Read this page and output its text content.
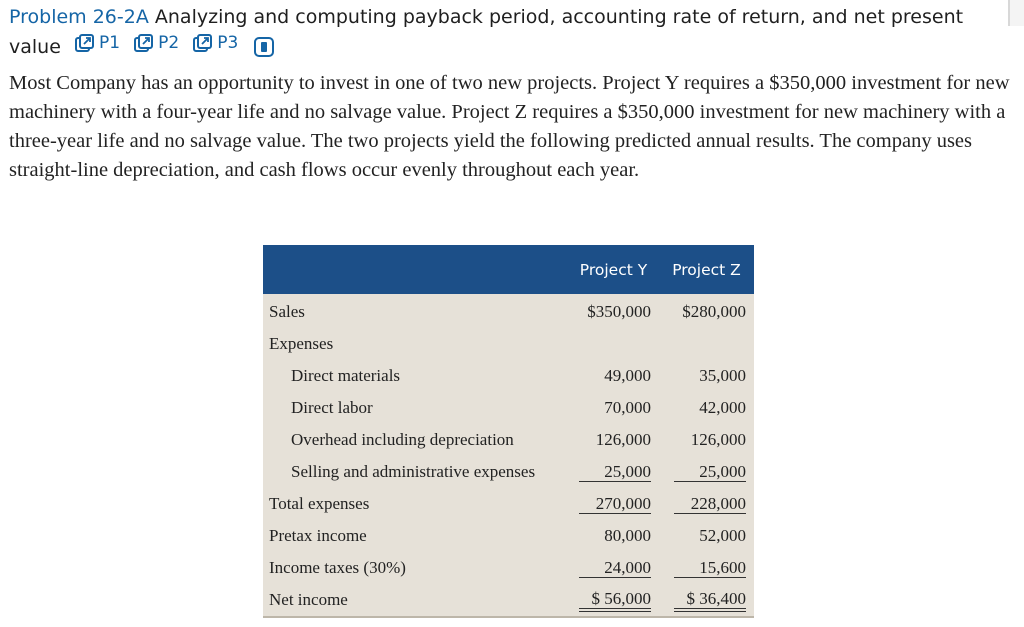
Problem 26-2A Analyzing and computing payback period, accounting rate of return, and net present value P1
P2
P3

Most Company has an opportunity to invest in one of two new projects. Project Y requires a $350,000 investment for new machinery with a four-year life and no salvage value. Project Z requires a $350,000 investment for new machinery with a three-year life and no salvage value. The two projects yield the following predicted annual results. The company uses straight-line depreciation, and cash flows occur evenly throughout each year.
	Project Y	Project Z
Sales	$350,000	$280,000
Expenses		
Direct materials	49,000	35,000
Direct labor	70,000	42,000
Overhead including depreciation	126,000	126,000
Selling and administrative expenses	25,000	25,000
Total expenses	270,000	228,000
Pretax income	80,000	52,000
Income taxes (30%)	24,000	15,600
Net income	$ 56,000	$ 36,400
